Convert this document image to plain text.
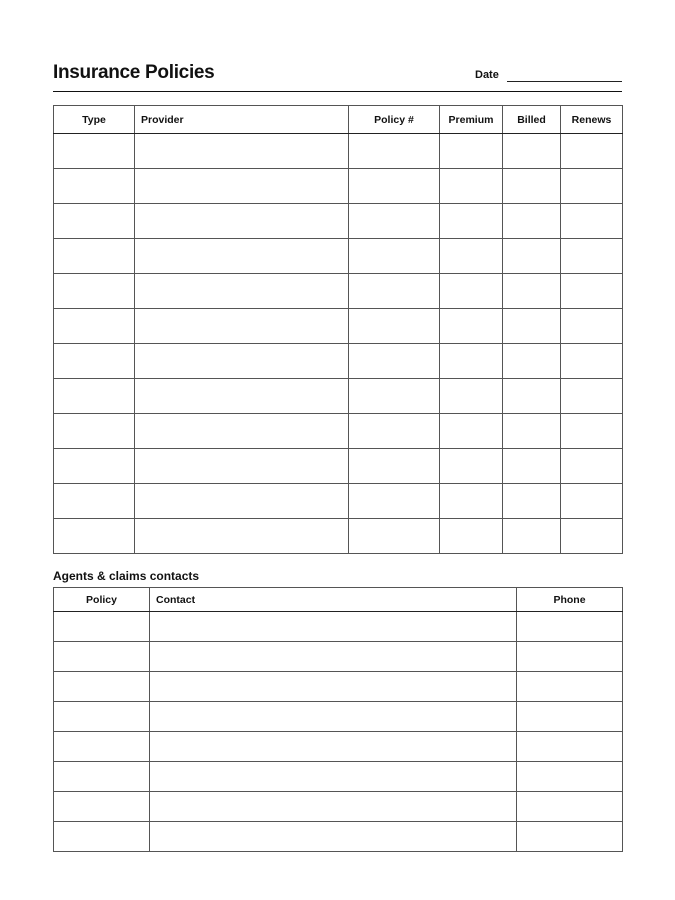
Insurance Policies	Date
Type	Provider	Policy #	Premium	Billed	Renews

Agents & claims contacts
Policy	Contact	Phone
